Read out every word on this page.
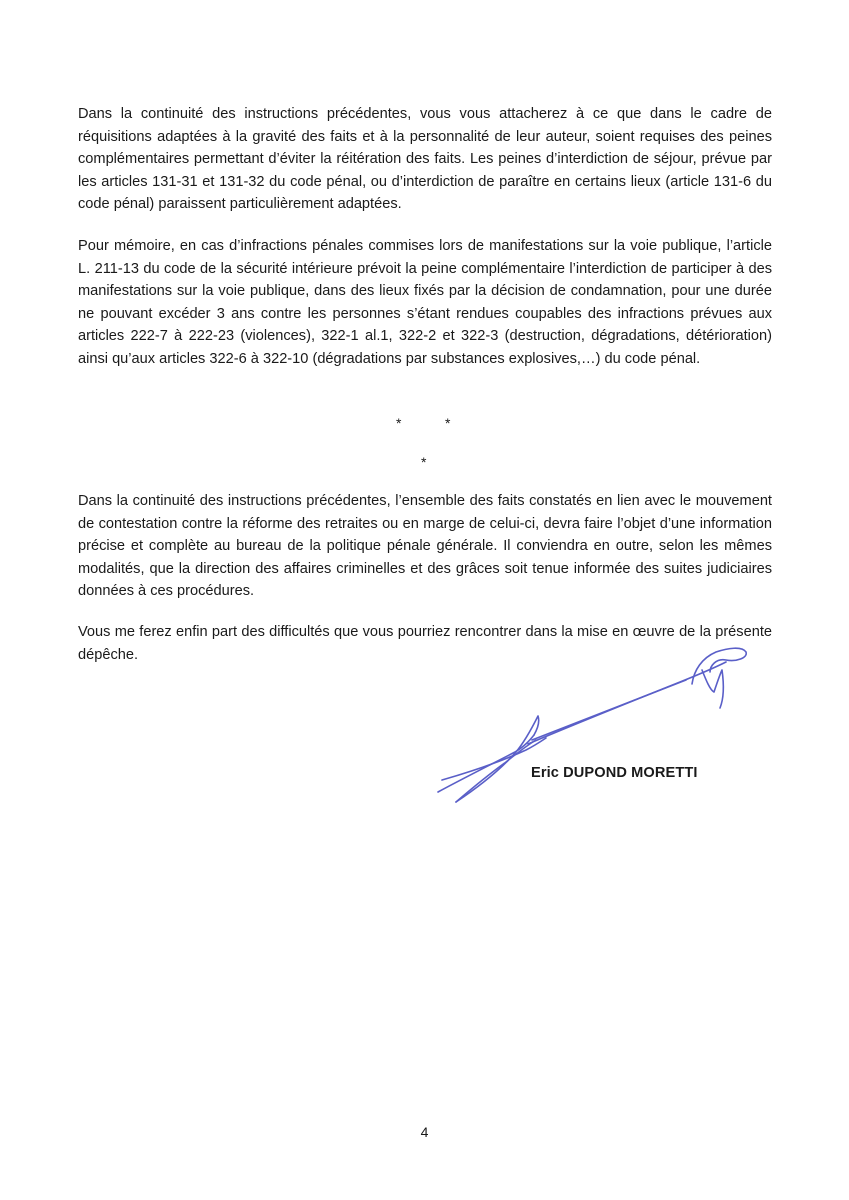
Dans la continuité des instructions précédentes, vous vous attacherez à ce que dans le cadre de réquisitions adaptées à la gravité des faits et à la personnalité de leur auteur, soient requises des peines complémentaires permettant d’éviter la réitération des faits. Les peines d’interdiction de séjour, prévue par les articles 131-31 et 131-32 du code pénal, ou d’interdiction de paraître en certains lieux (article 131-6 du code pénal) paraissent particulièrement adaptées.

Pour mémoire, en cas d’infractions pénales commises lors de manifestations sur la voie publique, l’article L. 211-13 du code de la sécurité intérieure prévoit la peine complémentaire l’interdiction de participer à des manifestations sur la voie publique, dans des lieux fixés par la décision de condamnation, pour une durée ne pouvant excéder 3 ans contre les personnes s’étant rendues coupables des infractions prévues aux articles 222-7 à 222-23 (violences), 322-1 al.1, 322-2 et 322-3 (destruction, dégradations, détérioration) ainsi qu’aux articles 322-6 à 322-10 (dégradations par substances explosives,…) du code pénal.

*	*
*

Dans la continuité des instructions précédentes, l’ensemble des faits constatés en lien avec le mouvement de contestation contre la réforme des retraites ou en marge de celui-ci, devra faire l’objet d’une information précise et complète au bureau de la politique pénale générale. Il conviendra en outre, selon les mêmes modalités, que la direction des affaires criminelles et des grâces soit tenue informée des suites judiciaires données à ces procédures.

Vous me ferez enfin part des difficultés que vous pourriez rencontrer dans la mise en œuvre de la présente dépêche.

Eric DUPOND MORETTI
4
